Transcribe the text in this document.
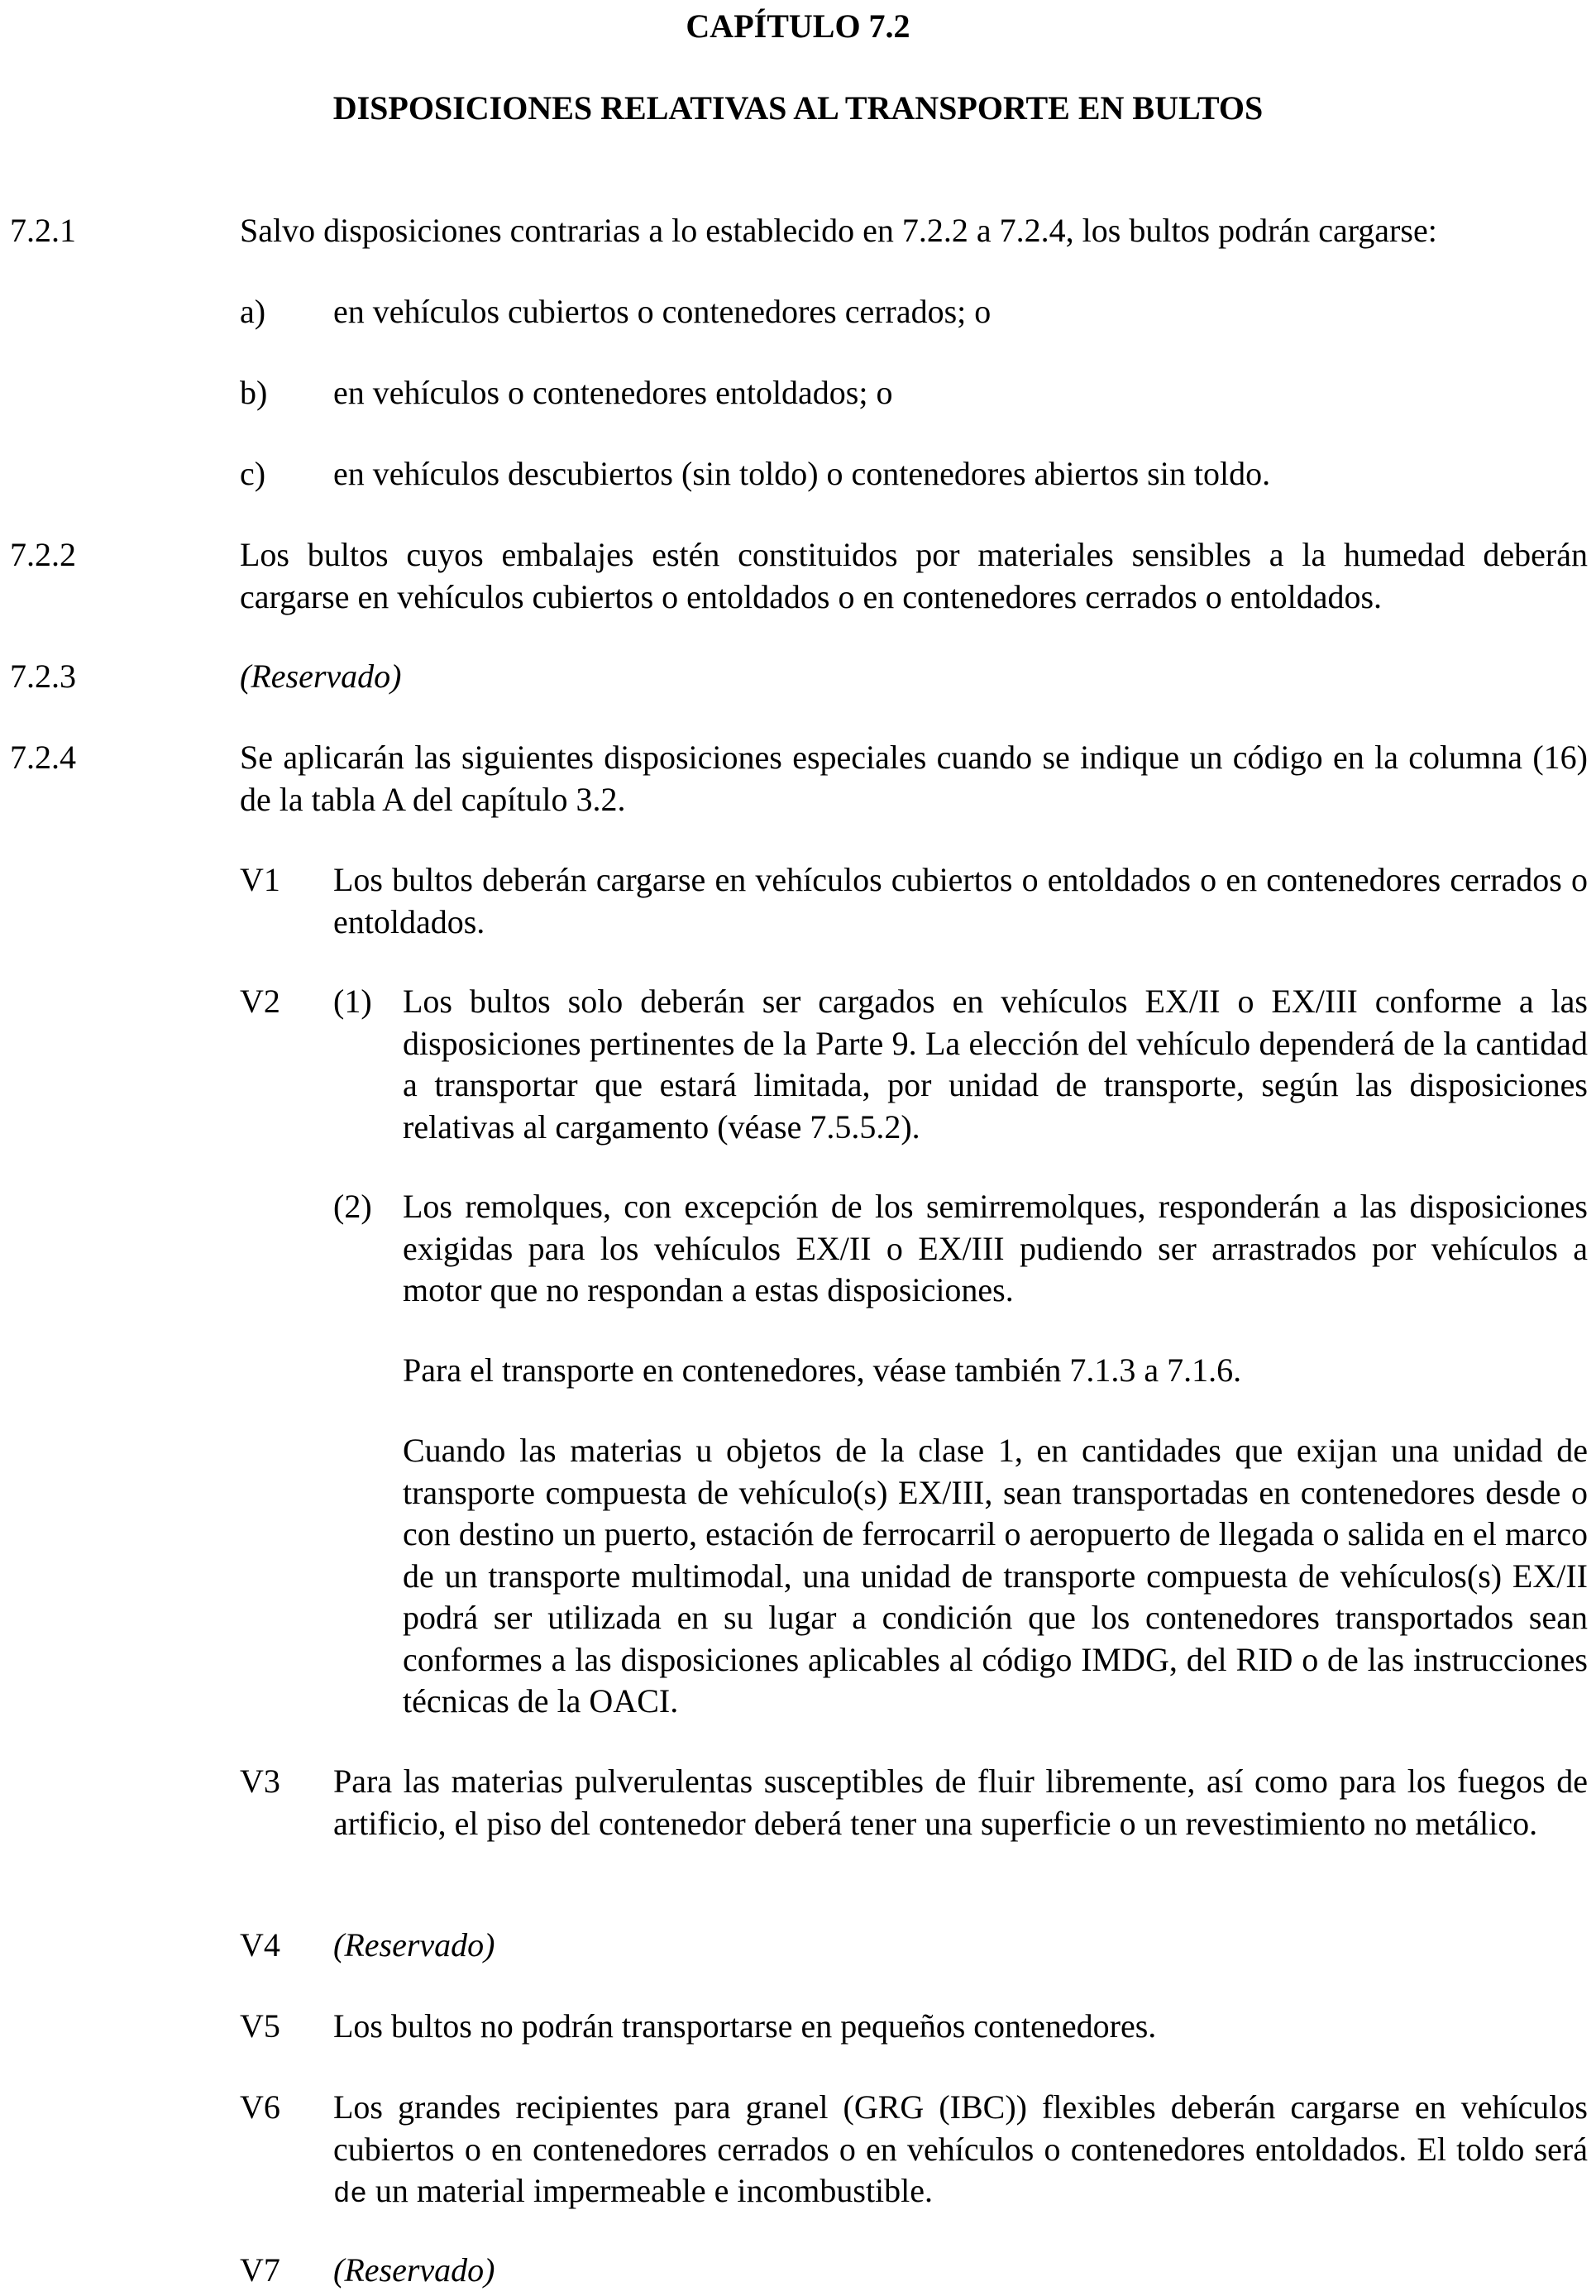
CAPÍTULO 7.2
DISPOSICIONES RELATIVAS AL TRANSPORTE EN BULTOS
7.2.1	Salvo disposiciones contrarias a lo establecido en 7.2.2 a 7.2.4, los bultos podrán cargarse:
a) en vehículos cubiertos o contenedores cerrados; o
b) en vehículos o contenedores entoldados; o
c) en vehículos descubiertos (sin toldo) o contenedores abiertos sin toldo.
7.2.2	Los bultos cuyos embalajes estén constituidos por materiales sensibles a la humedad deberán cargarse en vehículos cubiertos o entoldados o en contenedores cerrados o entoldados.
7.2.3	(Reservado)
7.2.4	Se aplicarán las siguientes disposiciones especiales cuando se indique un código en la columna (16) de la tabla A del capítulo 3.2.
V1 Los bultos deberán cargarse en vehículos cubiertos o entoldados o en contenedores cerrados o entoldados.
V2 (1) Los bultos solo deberán ser cargados en vehículos EX/II o EX/III conforme a las disposiciones pertinentes de la Parte 9. La elección del vehículo dependerá de la cantidad a transportar que estará limitada, por unidad de transporte, según las disposiciones relativas al cargamento (véase 7.5.5.2).
(2) Los remolques, con excepción de los semirremolques, responderán a las disposiciones exigidas para los vehículos EX/II o EX/III pudiendo ser arrastrados por vehículos a motor que no respondan a estas disposiciones.
Para el transporte en contenedores, véase también 7.1.3 a 7.1.6.
Cuando las materias u objetos de la clase 1, en cantidades que exijan una unidad de transporte compuesta de vehículo(s) EX/III, sean transportadas en contenedores desde o con destino un puerto, estación de ferrocarril o aeropuerto de llegada o salida en el marco de un transporte multimodal, una unidad de transporte compuesta de vehículos(s) EX/II podrá ser utilizada en su lugar a condición que los contenedores transportados sean conformes a las disposiciones aplicables al código IMDG, del RID o de las instrucciones técnicas de la OACI.
V3 Para las materias pulverulentas susceptibles de fluir libremente, así como para los fuegos de artificio, el piso del contenedor deberá tener una superficie o un revestimiento no metálico.
V4 (Reservado)
V5 Los bultos no podrán transportarse en pequeños contenedores.
V6 Los grandes recipientes para granel (GRG (IBC)) flexibles deberán cargarse en vehículos cubiertos o en contenedores cerrados o en vehículos o contenedores entoldados. El toldo será de un material impermeable e incombustible.
V7 (Reservado)
